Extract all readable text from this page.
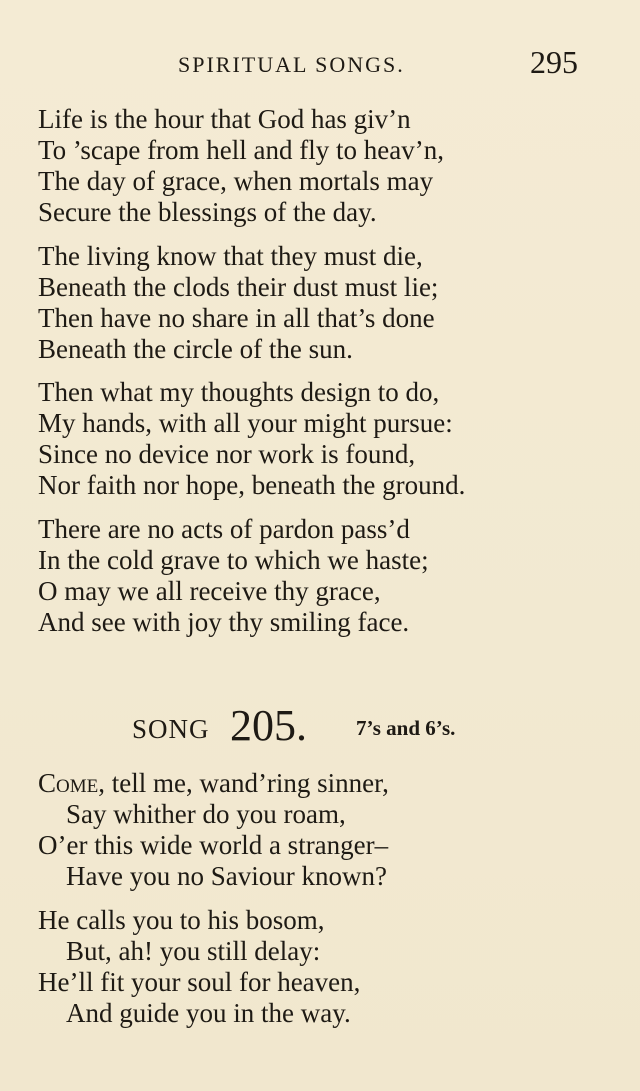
SPIRITUAL SONGS.	295
Life is the hour that God has giv’n
To ’scape from hell and fly to heav’n,
The day of grace, when mortals may
Secure the blessings of the day.
The living know that they must die,
Beneath the clods their dust must lie;
Then have no share in all that’s done
Beneath the circle of the sun.
Then what my thoughts design to do,
My hands, with all your might pursue:
Since no device nor work is found,
Nor faith nor hope, beneath the ground.
There are no acts of pardon pass’d
In the cold grave to which we haste;
O may we all receive thy grace,
And see with joy thy smiling face.
SONG 205. 7’s and 6’s.
Come, tell me, wand’ring sinner,
Say whither do you roam,
O’er this wide world a stranger–
Have you no Saviour known?
He calls you to his bosom,
But, ah! you still delay:
He’ll fit your soul for heaven,
And guide you in the way.
